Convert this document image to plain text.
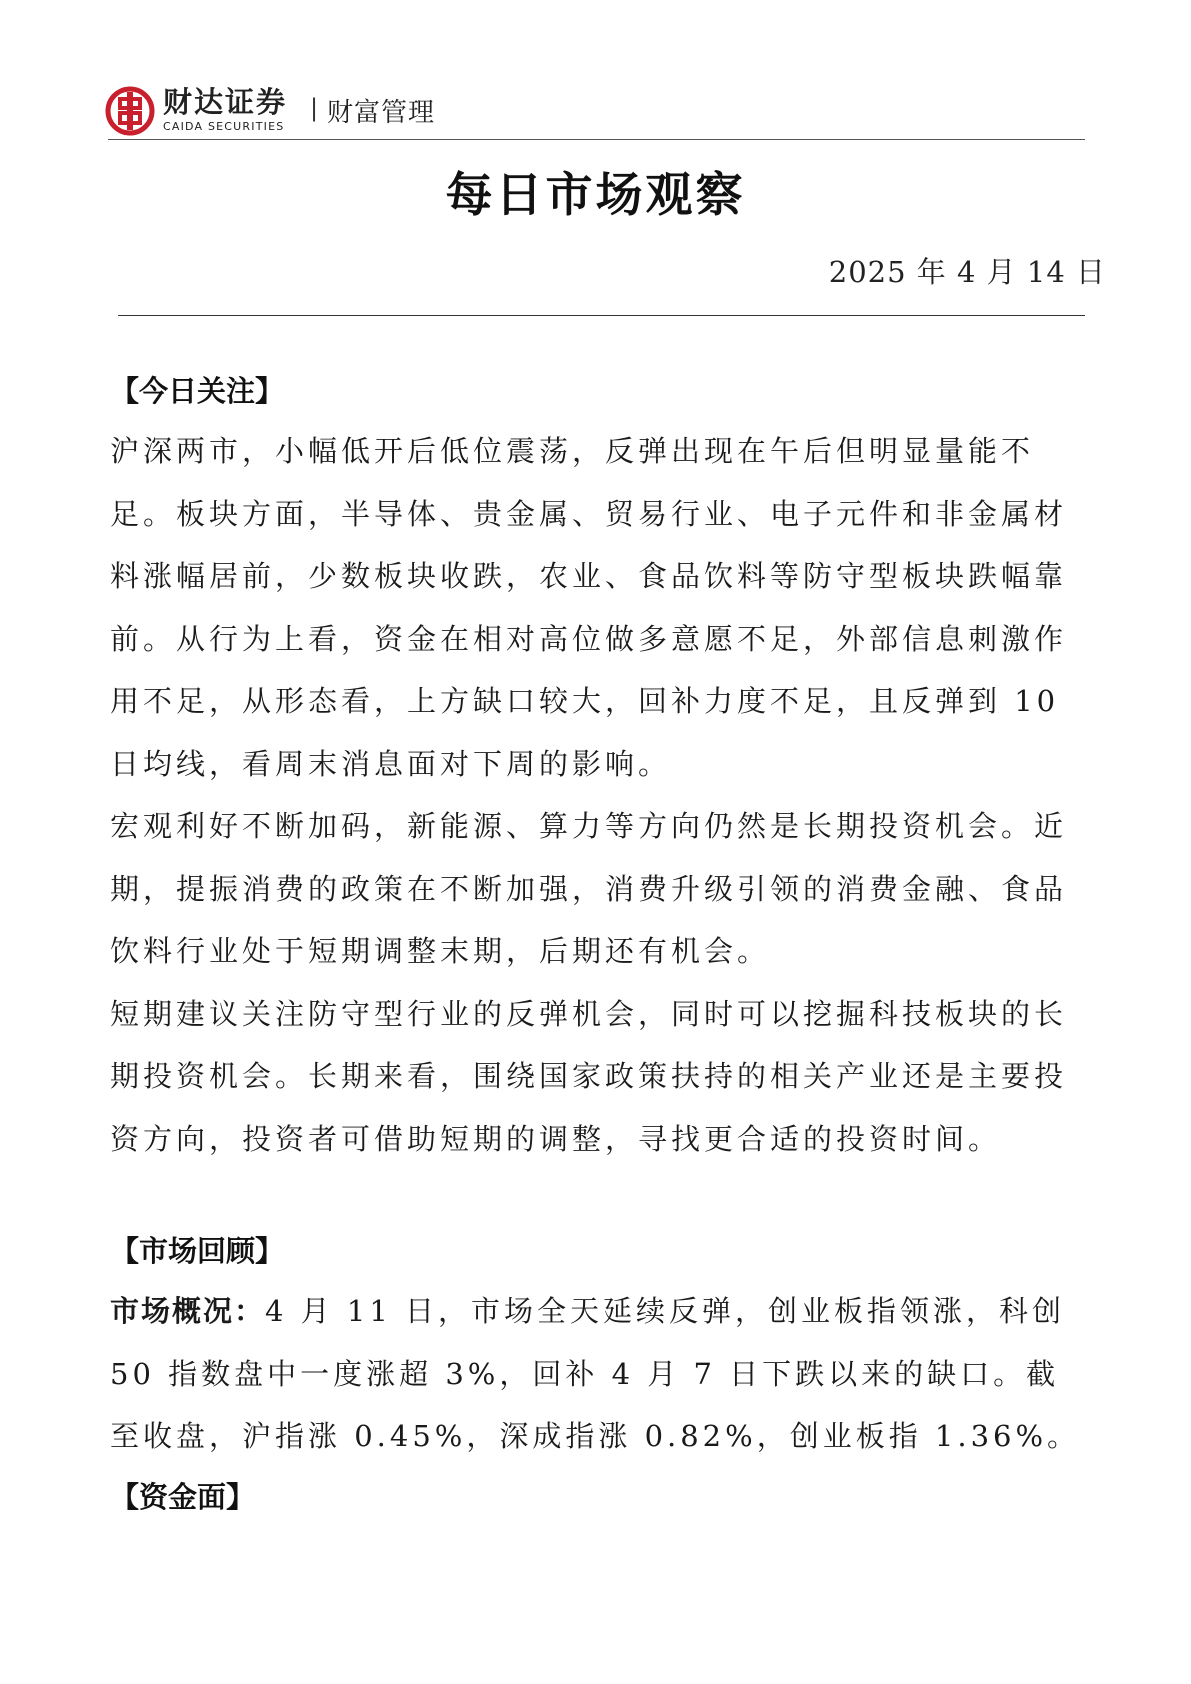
财达证券
CAIDA SECURITIES
| 财富管理
每日市场观察
2025 年 4 月 14 日
【今日关注】

沪深两市，小幅低开后低位震荡，反弹出现在午后但明显量能不足。板块方面，半导体、贵金属、贸易行业、电子元件和非金属材料涨幅居前，少数板块收跌，农业、食品饮料等防守型板块跌幅靠前。从行为上看，资金在相对高位做多意愿不足，外部信息刺激作用不足，从形态看，上方缺口较大，回补力度不足，且反弹到 10 日均线，看周末消息面对下周的影响。

宏观利好不断加码，新能源、算力等方向仍然是长期投资机会。近期，提振消费的政策在不断加强，消费升级引领的消费金融、食品饮料行业处于短期调整末期，后期还有机会。

短期建议关注防守型行业的反弹机会，同时可以挖掘科技板块的长期投资机会。长期来看，围绕国家政策扶持的相关产业还是主要投资方向，投资者可借助短期的调整，寻找更合适的投资时间。

【市场回顾】

市场概况：4 月 11 日，市场全天延续反弹，创业板指领涨，科创 50 指数盘中一度涨超 3%，回补 4 月 7 日下跌以来的缺口。截至收盘，沪指涨 0.45%，深成指涨 0.82%，创业板指 1.36%。

【资金面】
